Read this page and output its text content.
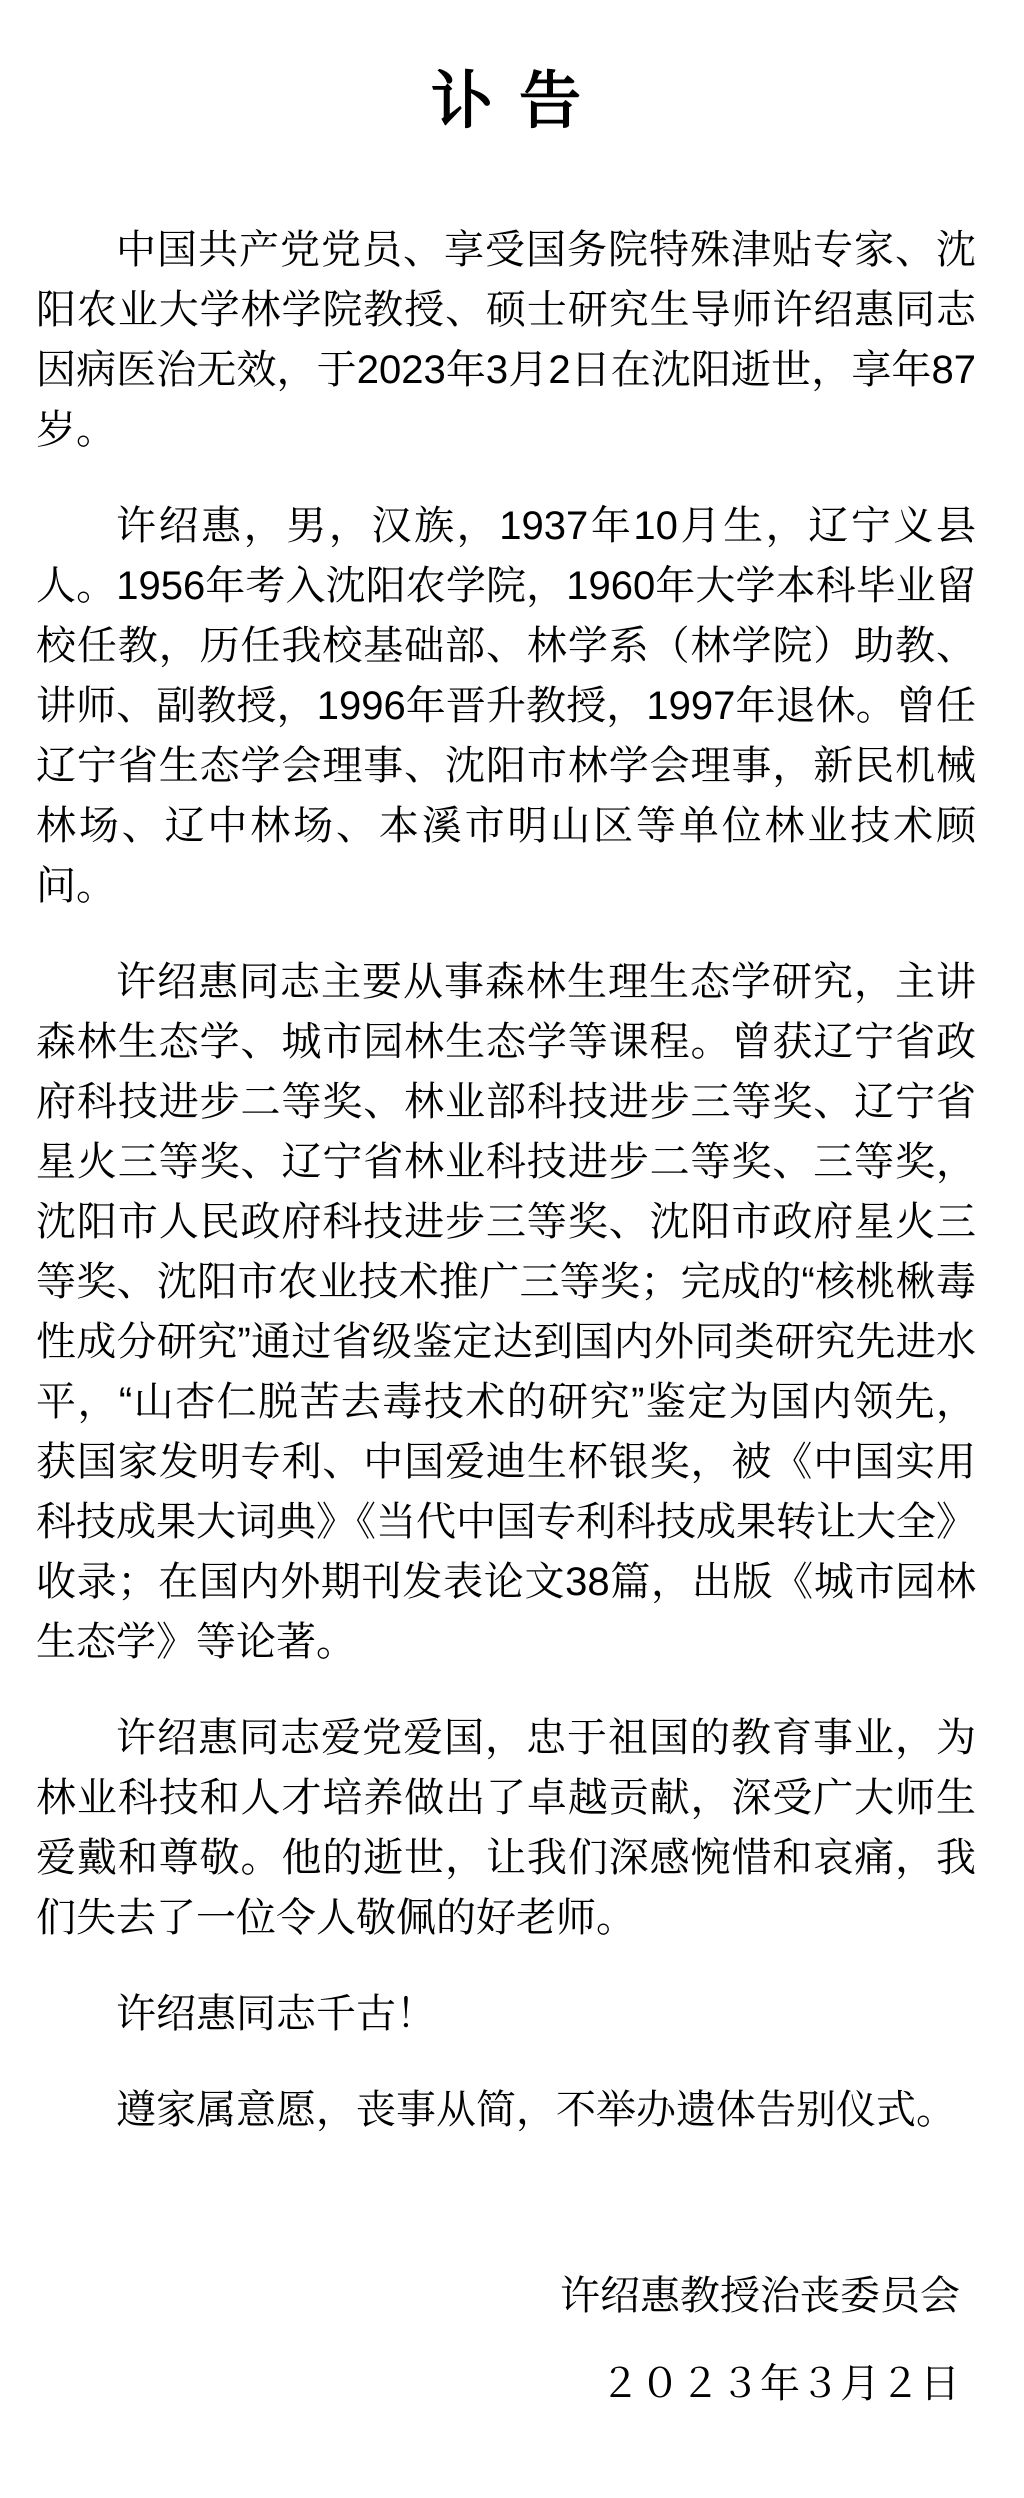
讣告

中国共产党党员、享受国务院特殊津贴专家、沈阳农业大学林学院教授、硕士研究生导师许绍惠同志因病医治无效，于2023年3月2日在沈阳逝世，享年87岁。

许绍惠，男，汉族，1937年10月生，辽宁义县人。1956年考入沈阳农学院，1960年大学本科毕业留校任教，历任我校基础部、林学系（林学院）助教、讲师、副教授，1996年晋升教授，1997年退休。曾任辽宁省生态学会理事、沈阳市林学会理事，新民机械林场、辽中林场、本溪市明山区等单位林业技术顾问。

许绍惠同志主要从事森林生理生态学研究，主讲森林生态学、城市园林生态学等课程。曾获辽宁省政府科技进步二等奖、林业部科技进步三等奖、辽宁省星火三等奖、辽宁省林业科技进步二等奖、三等奖，沈阳市人民政府科技进步三等奖、沈阳市政府星火三等奖、沈阳市农业技术推广三等奖；完成的“核桃楸毒性成分研究”通过省级鉴定达到国内外同类研究先进水平，“山杏仁脱苦去毒技术的研究”鉴定为国内领先，获国家发明专利、中国爱迪生杯银奖，被《中国实用科技成果大词典》《当代中国专利科技成果转让大全》收录；在国内外期刊发表论文38篇，出版《城市园林生态学》等论著。

许绍惠同志爱党爱国，忠于祖国的教育事业，为林业科技和人才培养做出了卓越贡献，深受广大师生爱戴和尊敬。他的逝世，让我们深感惋惜和哀痛，我们失去了一位令人敬佩的好老师。

许绍惠同志千古！

遵家属意愿，丧事从简，不举办遗体告别仪式。

许绍惠教授治丧委员会
２０２３年３月２日
